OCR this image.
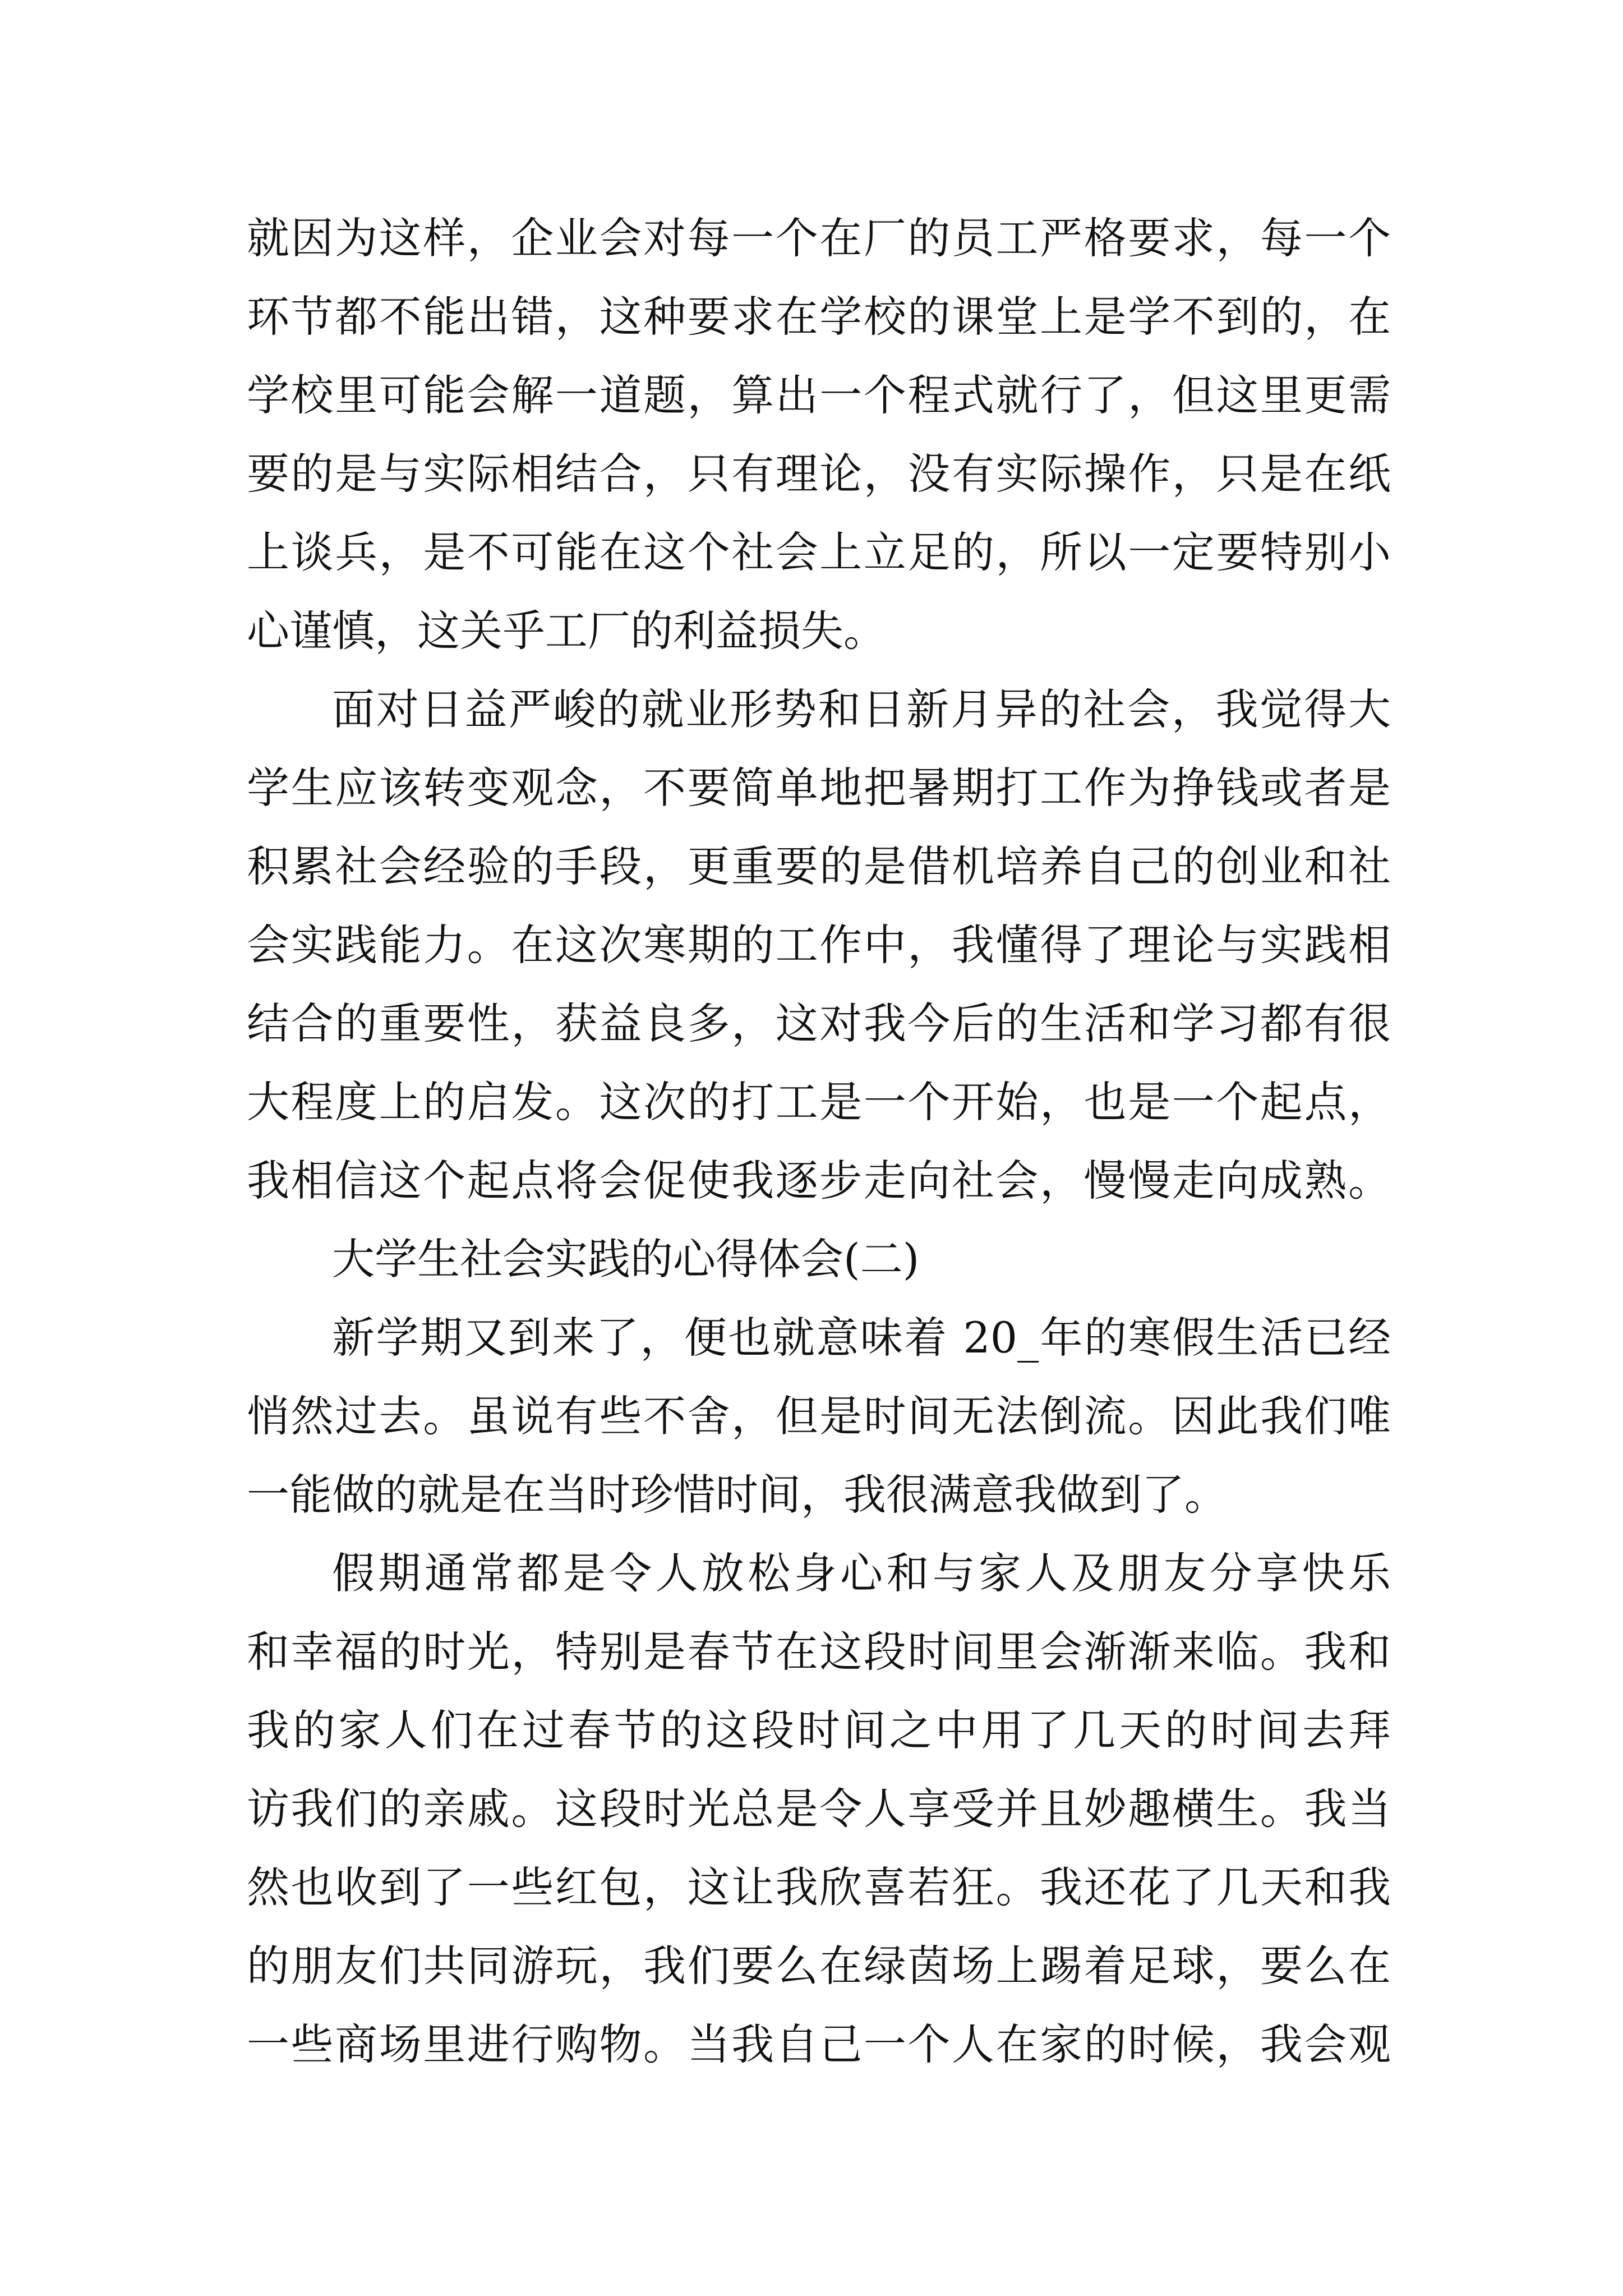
就因为这样，企业会对每一个在厂的员工严格要求，每一个
环节都不能出错，这种要求在学校的课堂上是学不到的，在
学校里可能会解一道题，算出一个程式就行了，但这里更需
要的是与实际相结合，只有理论，没有实际操作，只是在纸
上谈兵，是不可能在这个社会上立足的，所以一定要特别小
心谨慎，这关乎工厂的利益损失。
面对日益严峻的就业形势和日新月异的社会，我觉得大
学生应该转变观念，不要简单地把暑期打工作为挣钱或者是
积累社会经验的手段，更重要的是借机培养自己的创业和社
会实践能力。在这次寒期的工作中，我懂得了理论与实践相
结合的重要性，获益良多，这对我今后的生活和学习都有很
大程度上的启发。这次的打工是一个开始，也是一个起点，
我相信这个起点将会促使我逐步走向社会，慢慢走向成熟。
大学生社会实践的心得体会(二)
新学期又到来了，便也就意味着 20_年的寒假生活已经
悄然过去。虽说有些不舍，但是时间无法倒流。因此我们唯
一能做的就是在当时珍惜时间，我很满意我做到了。
假期通常都是令人放松身心和与家人及朋友分享快乐
和幸福的时光，特别是春节在这段时间里会渐渐来临。我和
我的家人们在过春节的这段时间之中用了几天的时间去拜
访我们的亲戚。这段时光总是令人享受并且妙趣横生。我当
然也收到了一些红包，这让我欣喜若狂。我还花了几天和我
的朋友们共同游玩，我们要么在绿茵场上踢着足球，要么在
一些商场里进行购物。当我自己一个人在家的时候，我会观
